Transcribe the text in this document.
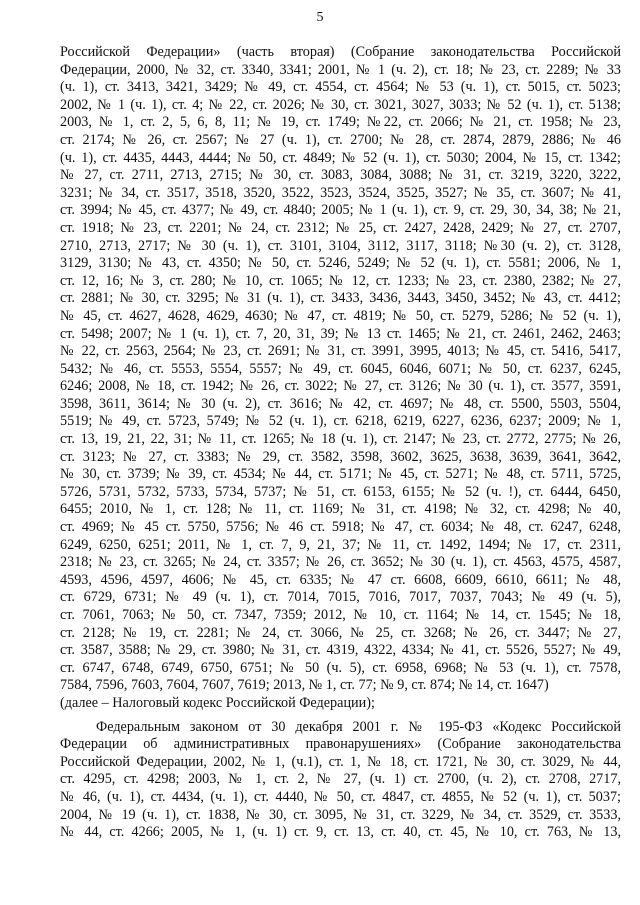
5
Российской Федерации» (часть вторая) (Собрание законодательства Российской
Федерации, 2000, № 32, ст. 3340, 3341; 2001, № 1 (ч. 2), ст. 18; № 23, ст. 2289; № 33
(ч. 1), ст. 3413, 3421, 3429; № 49, ст. 4554, ст. 4564; № 53 (ч. 1), ст. 5015, ст. 5023;
2002, № 1 (ч. 1), ст. 4; № 22, ст. 2026; № 30, ст. 3021, 3027, 3033; № 52 (ч. 1), ст. 5138;
2003, № 1, ст. 2, 5, 6, 8, 11; № 19, ст. 1749; №22, ст. 2066; № 21, ст. 1958; № 23,
ст. 2174; № 26, ст. 2567; № 27 (ч. 1), ст. 2700; № 28, ст. 2874, 2879, 2886; № 46
(ч. 1), ст. 4435, 4443, 4444; № 50, ст. 4849; № 52 (ч. 1), ст. 5030; 2004, № 15, ст. 1342;
№ 27, ст. 2711, 2713, 2715; № 30, ст. 3083, 3084, 3088; № 31, ст. 3219, 3220, 3222,
3231; № 34, ст. 3517, 3518, 3520, 3522, 3523, 3524, 3525, 3527; № 35, ст. 3607; № 41,
ст. 3994; № 45, ст. 4377; № 49, ст. 4840; 2005; № 1 (ч. 1), ст. 9, ст. 29, 30, 34, 38; № 21,
ст. 1918; № 23, ст. 2201; № 24, ст. 2312; № 25, ст. 2427, 2428, 2429; № 27, ст. 2707,
2710, 2713, 2717; № 30 (ч. 1), ст. 3101, 3104, 3112, 3117, 3118; №30 (ч. 2), ст. 3128,
3129, 3130; № 43, ст. 4350; № 50, ст. 5246, 5249; № 52 (ч. 1), ст. 5581; 2006, № 1,
ст. 12, 16; № 3, ст. 280; № 10, ст. 1065; № 12, ст. 1233; № 23, ст. 2380, 2382; № 27,
ст. 2881; № 30, ст. 3295; № 31 (ч. 1), ст. 3433, 3436, 3443, 3450, 3452; № 43, ст. 4412;
№ 45, ст. 4627, 4628, 4629, 4630; № 47, ст. 4819; № 50, ст. 5279, 5286; № 52 (ч. 1),
ст. 5498; 2007; № 1 (ч. 1), ст. 7, 20, 31, 39; № 13 ст. 1465; № 21, ст. 2461, 2462, 2463;
№ 22, ст. 2563, 2564; № 23, ст. 2691; № 31, ст. 3991, 3995, 4013; № 45, ст. 5416, 5417,
5432; № 46, ст. 5553, 5554, 5557; № 49, ст. 6045, 6046, 6071; № 50, ст. 6237, 6245,
6246; 2008, № 18, ст. 1942; № 26, ст. 3022; № 27, ст. 3126; № 30 (ч. 1), ст. 3577, 3591,
3598, 3611, 3614; № 30 (ч. 2), ст. 3616; № 42, ст. 4697; № 48, ст. 5500, 5503, 5504,
5519; № 49, ст. 5723, 5749; № 52 (ч. 1), ст. 6218, 6219, 6227, 6236, 6237; 2009; № 1,
ст. 13, 19, 21, 22, 31; № 11, ст. 1265; № 18 (ч. 1), ст. 2147; № 23, ст. 2772, 2775; № 26,
ст. 3123; № 27, ст. 3383; № 29, ст. 3582, 3598, 3602, 3625, 3638, 3639, 3641, 3642,
№ 30, ст. 3739; № 39, ст. 4534; № 44, ст. 5171; № 45, ст. 5271; № 48, ст. 5711, 5725,
5726, 5731, 5732, 5733, 5734, 5737; № 51, ст. 6153, 6155; № 52 (ч. !), ст. 6444, 6450,
6455; 2010, № 1, ст. 128; № 11, ст. 1169; № 31, ст. 4198; № 32, ст. 4298; № 40,
ст. 4969; № 45 ст. 5750, 5756; № 46 ст. 5918; № 47, ст. 6034; № 48, ст. 6247, 6248,
6249, 6250, 6251; 2011, № 1, ст. 7, 9, 21, 37; № 11, ст. 1492, 1494; № 17, ст. 2311,
2318; № 23, ст. 3265; № 24, ст. 3357; № 26, ст. 3652; № 30 (ч. 1), ст. 4563, 4575, 4587,
4593, 4596, 4597, 4606; № 45, ст. 6335; № 47 ст. 6608, 6609, 6610, 6611; № 48,
ст. 6729, 6731; № 49 (ч. 1), ст. 7014, 7015, 7016, 7017, 7037, 7043; № 49 (ч. 5),
ст. 7061, 7063; № 50, ст. 7347, 7359; 2012, № 10, ст. 1164; № 14, ст. 1545; № 18,
ст. 2128; № 19, ст. 2281; № 24, ст. 3066, № 25, ст. 3268; № 26, ст. 3447; № 27,
ст. 3587, 3588; № 29, ст. 3980; № 31, ст. 4319, 4322, 4334; № 41, ст. 5526, 5527; № 49,
ст. 6747, 6748, 6749, 6750, 6751; № 50 (ч. 5), ст. 6958, 6968; № 53 (ч. 1), ст. 7578,
7584, 7596, 7603, 7604, 7607, 7619; 2013, № 1, ст. 77; № 9, ст. 874; № 14, ст. 1647)
(далее – Налоговый кодекс Российской Федерации);
Федеральным законом от 30 декабря 2001 г. № 195-ФЗ «Кодекс Российской
Федерации об административных правонарушениях» (Собрание законодательства
Российской Федерации, 2002, № 1, (ч.1), ст. 1, № 18, ст. 1721, № 30, ст. 3029, № 44,
ст. 4295, ст. 4298; 2003, № 1, ст. 2, № 27, (ч. 1) ст. 2700, (ч. 2), ст. 2708, 2717,
№ 46, (ч. 1), ст. 4434, (ч. 1), ст. 4440, № 50, ст. 4847, ст. 4855, № 52 (ч. 1), ст. 5037;
2004, № 19 (ч. 1), ст. 1838, № 30, ст. 3095, № 31, ст. 3229, № 34, ст. 3529, ст. 3533,
№ 44, ст. 4266; 2005, № 1, (ч. 1) ст. 9, ст. 13, ст. 40, ст. 45, № 10, ст. 763, № 13,
